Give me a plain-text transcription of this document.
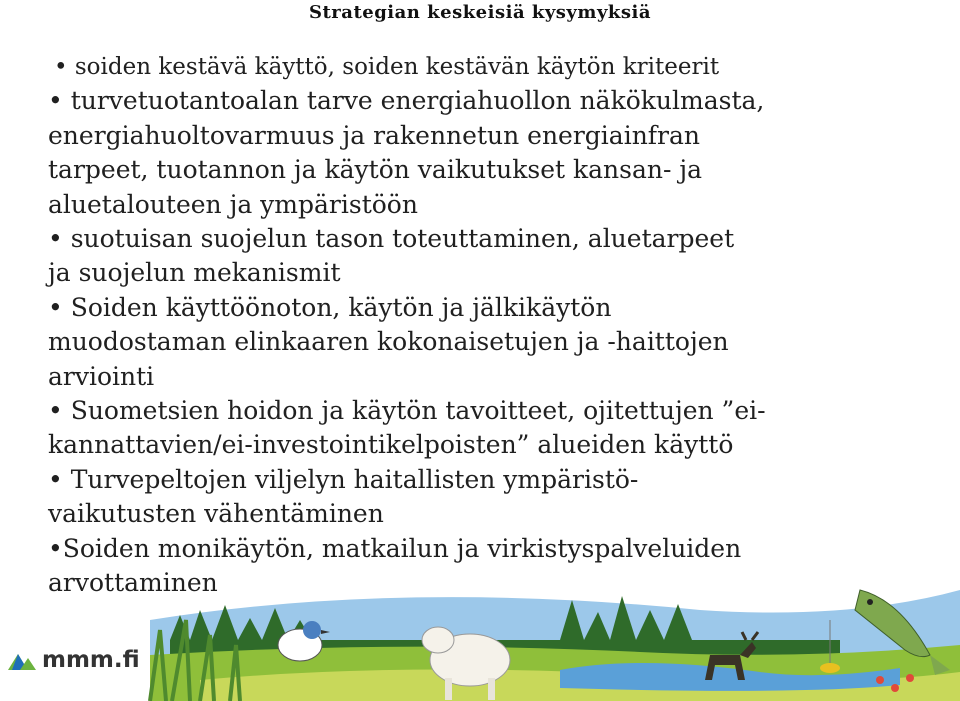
Strategian keskeisiä kysymyksiä
• soiden kestävä käyttö, soiden kestävän käytön kriteerit
• turvetuotantoalan tarve energiahuollon näkökulmasta,
energiahuoltovarmuus ja rakennetun energiainfran
tarpeet, tuotannon ja käytön vaikutukset kansan- ja
aluetalouteen ja ympäristöön
• suotuisan suojelun tason toteuttaminen, aluetarpeet
ja suojelun mekanismit
• Soiden käyttöönoton, käytön ja jälkikäytön
muodostaman elinkaaren kokonaisetujen ja -haittojen
arviointi
• Suometsien hoidon ja käytön tavoitteet, ojitettujen ”ei-
kannattavien/ei-investointikelpoisten” alueiden käyttö
• Turvepeltojen viljelyn haitallisten ympäristö-
vaikutusten vähentäminen
•Soiden monikäytön, matkailun ja virkistyspalveluiden
arvottaminen
mmm.fi
